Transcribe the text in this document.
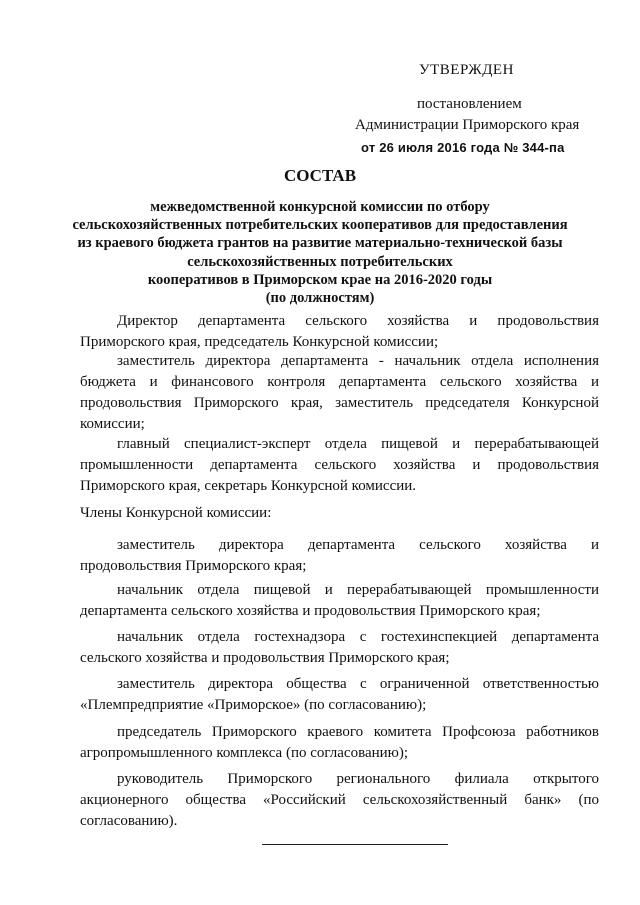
УТВЕРЖДЕН
постановлением
Администрации Приморского края
от 26 июля 2016 года № 344-па
СОСТАВ
межведомственной конкурсной комиссии по отбору
сельскохозяйственных потребительских кооперативов для предоставления
из краевого бюджета грантов на развитие материально-технической базы
сельскохозяйственных потребительских
кооперативов в Приморском крае на 2016-2020 годы
(по должностям)

Директор департамента сельского хозяйства и продовольствия Приморского края, председатель Конкурсной комиссии;

заместитель директора департамента - начальник отдела исполнения бюджета и финансового контроля департамента сельского хозяйства и продовольствия Приморского края, заместитель председателя Конкурсной комиссии;

главный специалист-эксперт отдела пищевой и перерабатывающей промышленности департамента сельского хозяйства и продовольствия Приморского края, секретарь Конкурсной комиссии.

Члены Конкурсной комиссии:

заместитель директора департамента сельского хозяйства и продовольствия Приморского края;

начальник отдела пищевой и перерабатывающей промышленности департамента сельского хозяйства и продовольствия Приморского края;

начальник отдела гостехнадзора с гостехинспекцией департамента сельского хозяйства и продовольствия Приморского края;

заместитель директора общества с ограниченной ответственностью «Племпредприятие «Приморское» (по согласованию);

председатель Приморского краевого комитета Профсоюза работников агропромышленного комплекса (по согласованию);

руководитель Приморского регионального филиала открытого акционерного общества «Российский сельскохозяйственный банк» (по согласованию).
